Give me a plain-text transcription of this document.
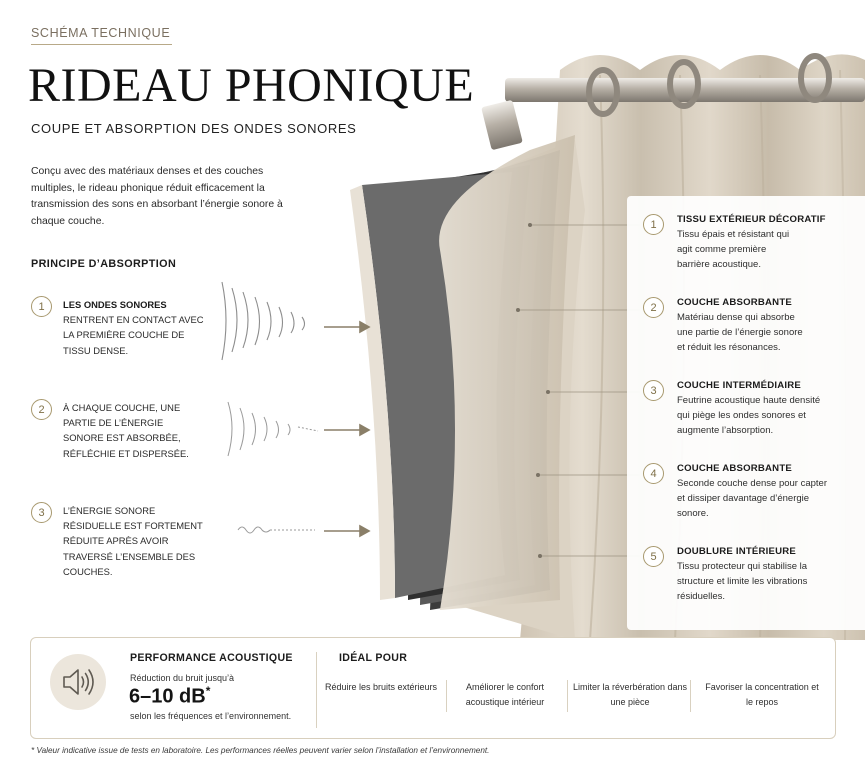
SCHÉMA TECHNIQUE
RIDEAU PHONIQUE
COUPE ET ABSORPTION DES ONDES SONORES
Conçu avec des matériaux denses et des couches multiples, le rideau phonique réduit efficacement la transmission des sons en absorbant l’énergie sonore à chaque couche.
PRINCIPE D’ABSORPTION
1	LES ONDES SONORES RENTRENT EN CONTACT AVEC LA PREMIÈRE COUCHE DE TISSU DENSE.
2	À CHAQUE COUCHE, UNE PARTIE DE L’ÉNERGIE SONORE EST ABSORBÉE, RÉFLÉCHIE ET DISPERSÉE.
3	L’ÉNERGIE SONORE RÉSIDUELLE EST FORTEMENT RÉDUITE APRÈS AVOIR TRAVERSÉ L’ENSEMBLE DES COUCHES.
1	TISSU EXTÉRIEUR DÉCORATIF
Tissu épais et résistant qui agit comme première barrière acoustique.
2	COUCHE ABSORBANTE
Matériau dense qui absorbe une partie de l’énergie sonore et réduit les résonances.
3	COUCHE INTERMÉDIAIRE
Feutrine acoustique haute densité qui piège les ondes sonores et augmente l’absorption.
4	COUCHE ABSORBANTE
Seconde couche dense pour capter et dissiper davantage d’énergie sonore.
5	DOUBLURE INTÉRIEURE
Tissu protecteur qui stabilise la structure et limite les vibrations résiduelles.
PERFORMANCE ACOUSTIQUE
Réduction du bruit jusqu’à
6–10 dB*
selon les fréquences et l’environnement.
IDÉAL POUR
Réduire les bruits extérieurs	Améliorer le confort acoustique intérieur
Limiter la réverbération dans une pièce
Favoriser la concentration et le repos
* Valeur indicative issue de tests en laboratoire. Les performances réelles peuvent varier selon l’installation et l’environnement.
